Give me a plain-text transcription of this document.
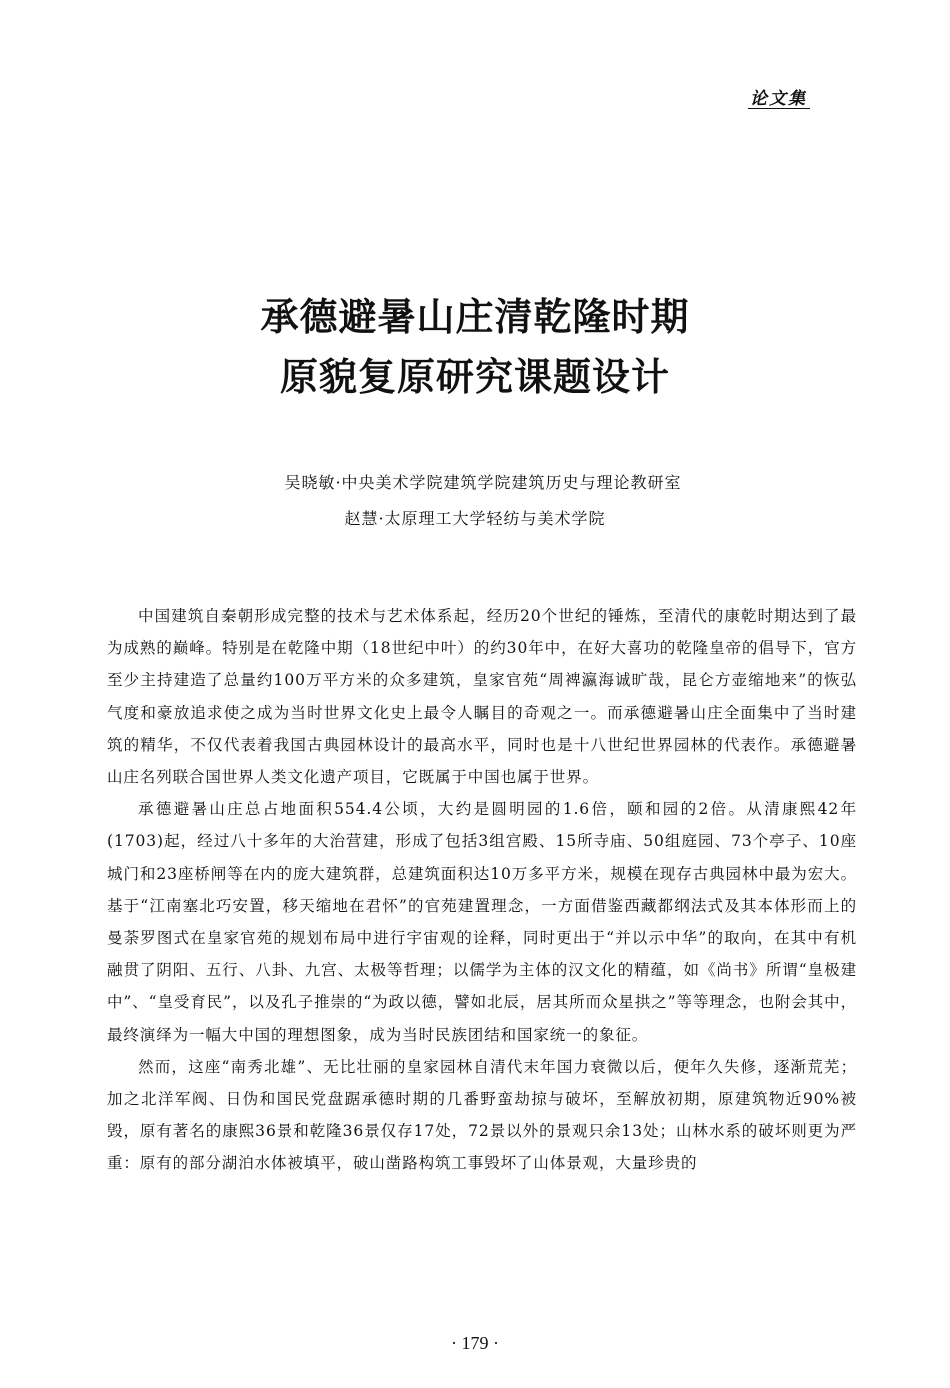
论文集
承德避暑山庄清乾隆时期
原貌复原研究课题设计
吴晓敏·中央美术学院建筑学院建筑历史与理论教研室
赵慧·太原理工大学轻纺与美术学院

中国建筑自秦朝形成完整的技术与艺术体系起，经历20个世纪的锤炼，至清代的康乾时期达到了最为成熟的巅峰。特别是在乾隆中期（18世纪中叶）的约30年中，在好大喜功的乾隆皇帝的倡导下，官方至少主持建造了总量约100万平方米的众多建筑，皇家官苑“周裨瀛海诚旷哉，昆仑方壶缩地来”的恢弘气度和豪放追求使之成为当时世界文化史上最令人瞩目的奇观之一。而承德避暑山庄全面集中了当时建筑的精华，不仅代表着我国古典园林设计的最高水平，同时也是十八世纪世界园林的代表作。承德避暑山庄名列联合国世界人类文化遗产项目，它既属于中国也属于世界。

承德避暑山庄总占地面积554.4公顷，大约是圆明园的1.6倍，颐和园的2倍。从清康熙42年(1703)起，经过八十多年的大治营建，形成了包括3组宫殿、15所寺庙、50组庭园、73个亭子、10座城门和23座桥闸等在内的庞大建筑群，总建筑面积达10万多平方米，规模在现存古典园林中最为宏大。基于“江南塞北巧安置，移天缩地在君怀”的官苑建置理念，一方面借鉴西藏都纲法式及其本体形而上的曼荼罗图式在皇家官苑的规划布局中进行宇宙观的诠释，同时更出于“并以示中华”的取向，在其中有机融贯了阴阳、五行、八卦、九宫、太极等哲理；以儒学为主体的汉文化的精蕴，如《尚书》所谓“皇极建中”、“皇受育民”，以及孔子推崇的“为政以德，譬如北辰，居其所而众星拱之”等等理念，也附会其中，最终演绎为一幅大中国的理想图象，成为当时民族团结和国家统一的象征。

然而，这座“南秀北雄”、无比壮丽的皇家园林自清代末年国力衰微以后，便年久失修，逐渐荒芜；加之北洋军阀、日伪和国民党盘踞承德时期的几番野蛮劫掠与破坏，至解放初期，原建筑物近90%被毁，原有著名的康熙36景和乾隆36景仅存17处，72景以外的景观只余13处；山林水系的破坏则更为严重：原有的部分湖泊水体被填平，破山凿路构筑工事毁坏了山体景观，大量珍贵的

· 179 ·
